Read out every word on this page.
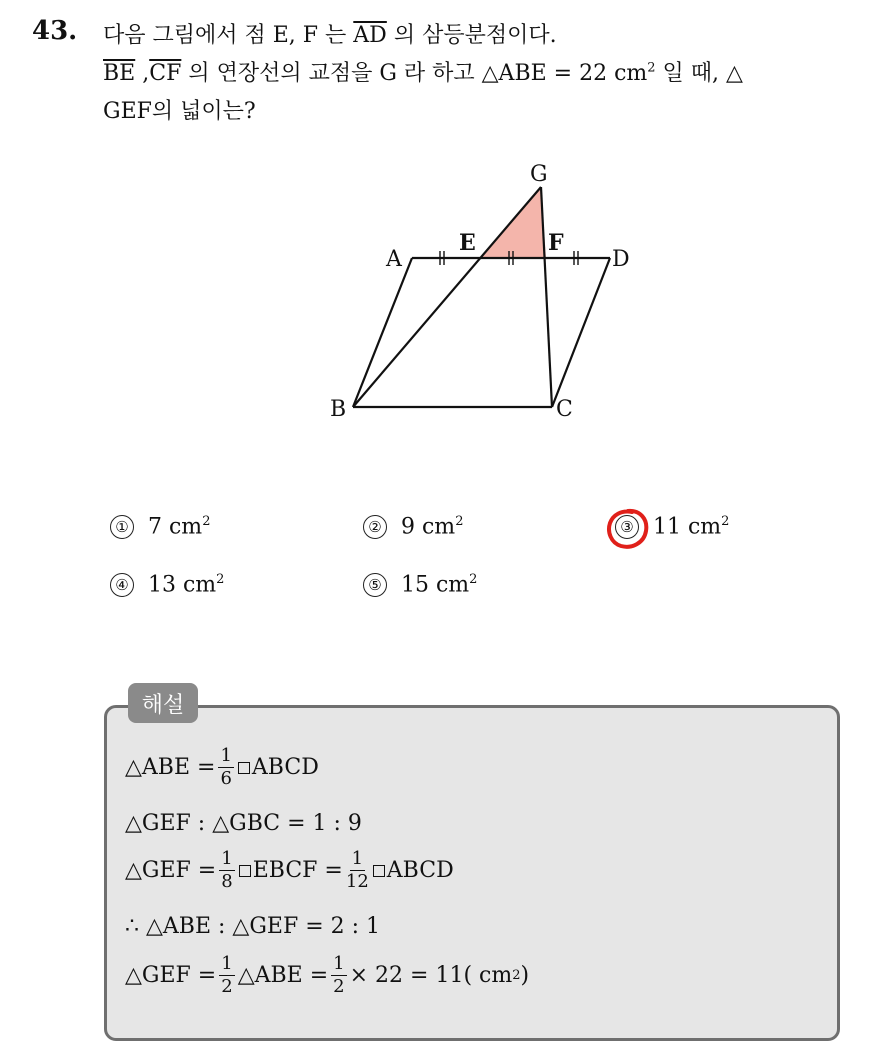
43. 다음 그림에서 점 E, F 는 $\overline{AD}$ 의 삼등분점이다.
$\overline{BE}$ $,\overline{CF}$ 의 연장선의 교점을 G 라 하고 △ABE = 22 $cm^2$ 일 때, △
GEF의 넓이는?
G
A
E	F
D
B	C
① 7 $cm^2$	② 9 $cm^2$	③ 11 $cm^2$
④ 13 $cm^2$	⑤ 15 $cm^2$
해설
△ABE = $\frac{1}{6}$ ABCD
△GEF : △GBC = 1 : 9
△GEF = $\frac{1}{8}$ EBCF = $\frac{1}{12}$ ABCD
∴ △ABE : △GEF = 2 : 1
△GEF = $\frac{1}{2}$ △ABE = $\frac{1}{2} \times 22 = 11$( cm 2 )
